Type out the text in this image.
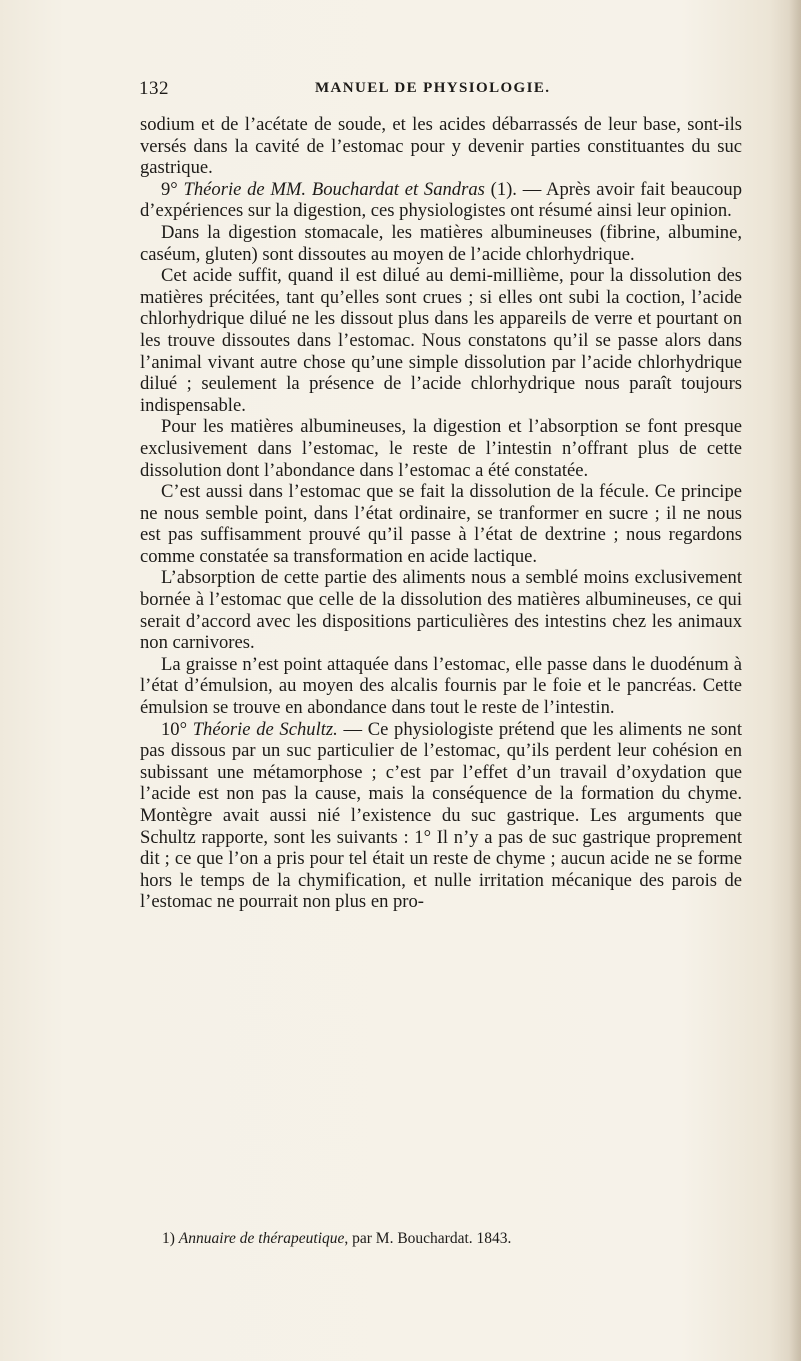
132	MANUEL DE PHYSIOLOGIE.

sodium et de l’acétate de soude, et les acides débarrassés de leur base, sont-ils versés dans la cavité de l’estomac pour y devenir parties constituantes du suc gastrique.

9° Théorie de MM. Bouchardat et Sandras (1). — Après avoir fait beaucoup d’expériences sur la digestion, ces physiologistes ont résumé ainsi leur opinion.

Dans la digestion stomacale, les matières albumineuses (fibrine, albumine, caséum, gluten) sont dissoutes au moyen de l’acide chlorhydrique.

Cet acide suffit, quand il est dilué au demi-millième, pour la dissolution des matières précitées, tant qu’elles sont crues ; si elles ont subi la coction, l’acide chlorhydrique dilué ne les dissout plus dans les appareils de verre et pourtant on les trouve dissoutes dans l’estomac. Nous constatons qu’il se passe alors dans l’animal vivant autre chose qu’une simple dissolution par l’acide chlorhydrique dilué ; seulement la présence de l’acide chlorhydrique nous paraît toujours indispensable.

Pour les matières albumineuses, la digestion et l’absorption se font presque exclusivement dans l’estomac, le reste de l’intestin n’offrant plus de cette dissolution dont l’abondance dans l’estomac a été constatée.

C’est aussi dans l’estomac que se fait la dissolution de la fécule. Ce principe ne nous semble point, dans l’état ordinaire, se tranformer en sucre ; il ne nous est pas suffisamment prouvé qu’il passe à l’état de dextrine ; nous regardons comme constatée sa transformation en acide lactique.

L’absorption de cette partie des aliments nous a semblé moins exclusivement bornée à l’estomac que celle de la dissolution des matières albumineuses, ce qui serait d’accord avec les dispositions particulières des intestins chez les animaux non carnivores.

La graisse n’est point attaquée dans l’estomac, elle passe dans le duodénum à l’état d’émulsion, au moyen des alcalis fournis par le foie et le pancréas. Cette émulsion se trouve en abondance dans tout le reste de l’intestin.

10° Théorie de Schultz. — Ce physiologiste prétend que les aliments ne sont pas dissous par un suc particulier de l’estomac, qu’ils perdent leur cohésion en subissant une métamorphose ; c’est par l’effet d’un travail d’oxydation que l’acide est non pas la cause, mais la conséquence de la formation du chyme. Montègre avait aussi nié l’existence du suc gastrique. Les arguments que Schultz rapporte, sont les suivants : 1° Il n’y a pas de suc gastrique proprement dit ; ce que l’on a pris pour tel était un reste de chyme ; aucun acide ne se forme hors le temps de la chymification, et nulle irritation mécanique des parois de l’estomac ne pourrait non plus en pro-

1) Annuaire de thérapeutique, par M. Bouchardat. 1843.
